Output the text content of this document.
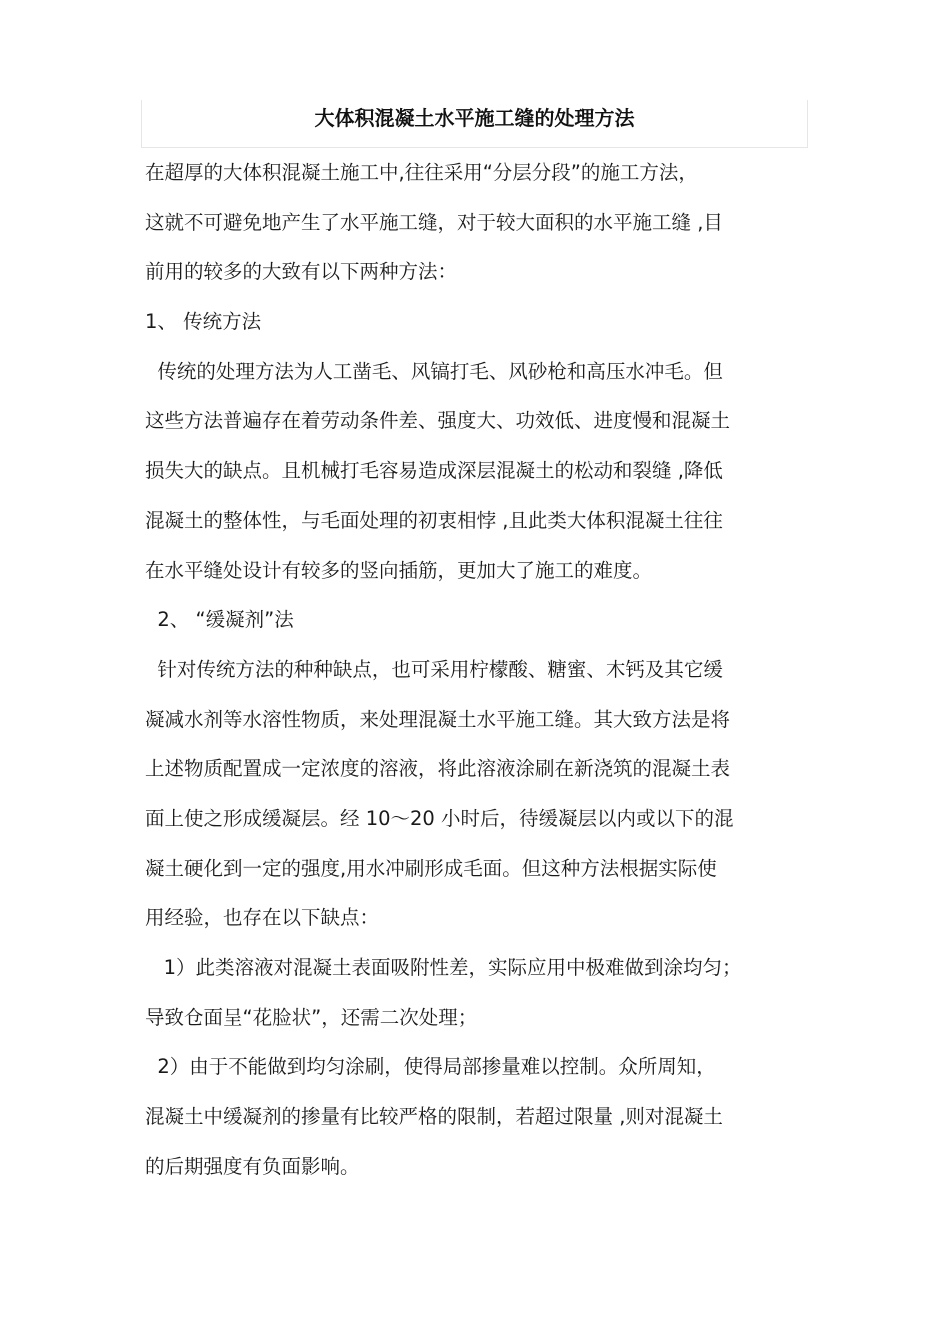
大体积混凝土水平施工缝的处理方法
在超厚的大体积混凝土施工中,往往采用“分层分段”的施工方法，
这就不可避免地产生了水平施工缝，对于较大面积的水平施工缝 ,目
前用的较多的大致有以下两种方法：
1、 传统方法
传统的处理方法为人工凿毛、风镐打毛、风砂枪和高压水冲毛。但
这些方法普遍存在着劳动条件差、强度大、功效低、进度慢和混凝土
损失大的缺点。且机械打毛容易造成深层混凝土的松动和裂缝 ,降低
混凝土的整体性，与毛面处理的初衷相悖 ,且此类大体积混凝土往往
在水平缝处设计有较多的竖向插筋，更加大了施工的难度。
2、 “缓凝剂”法
针对传统方法的种种缺点，也可采用柠檬酸、糖蜜、木钙及其它缓
凝减水剂等水溶性物质，来处理混凝土水平施工缝。其大致方法是将
上述物质配置成一定浓度的溶液，将此溶液涂刷在新浇筑的混凝土表
面上使之形成缓凝层。经 10～20 小时后，待缓凝层以内或以下的混
凝土硬化到一定的强度,用水冲刷形成毛面。但这种方法根据实际使
用经验，也存在以下缺点：
1）此类溶液对混凝土表面吸附性差，实际应用中极难做到涂均匀；
导致仓面呈“花脸状”，还需二次处理；
2）由于不能做到均匀涂刷，使得局部掺量难以控制。众所周知，
混凝土中缓凝剂的掺量有比较严格的限制，若超过限量 ,则对混凝土
的后期强度有负面影响。
